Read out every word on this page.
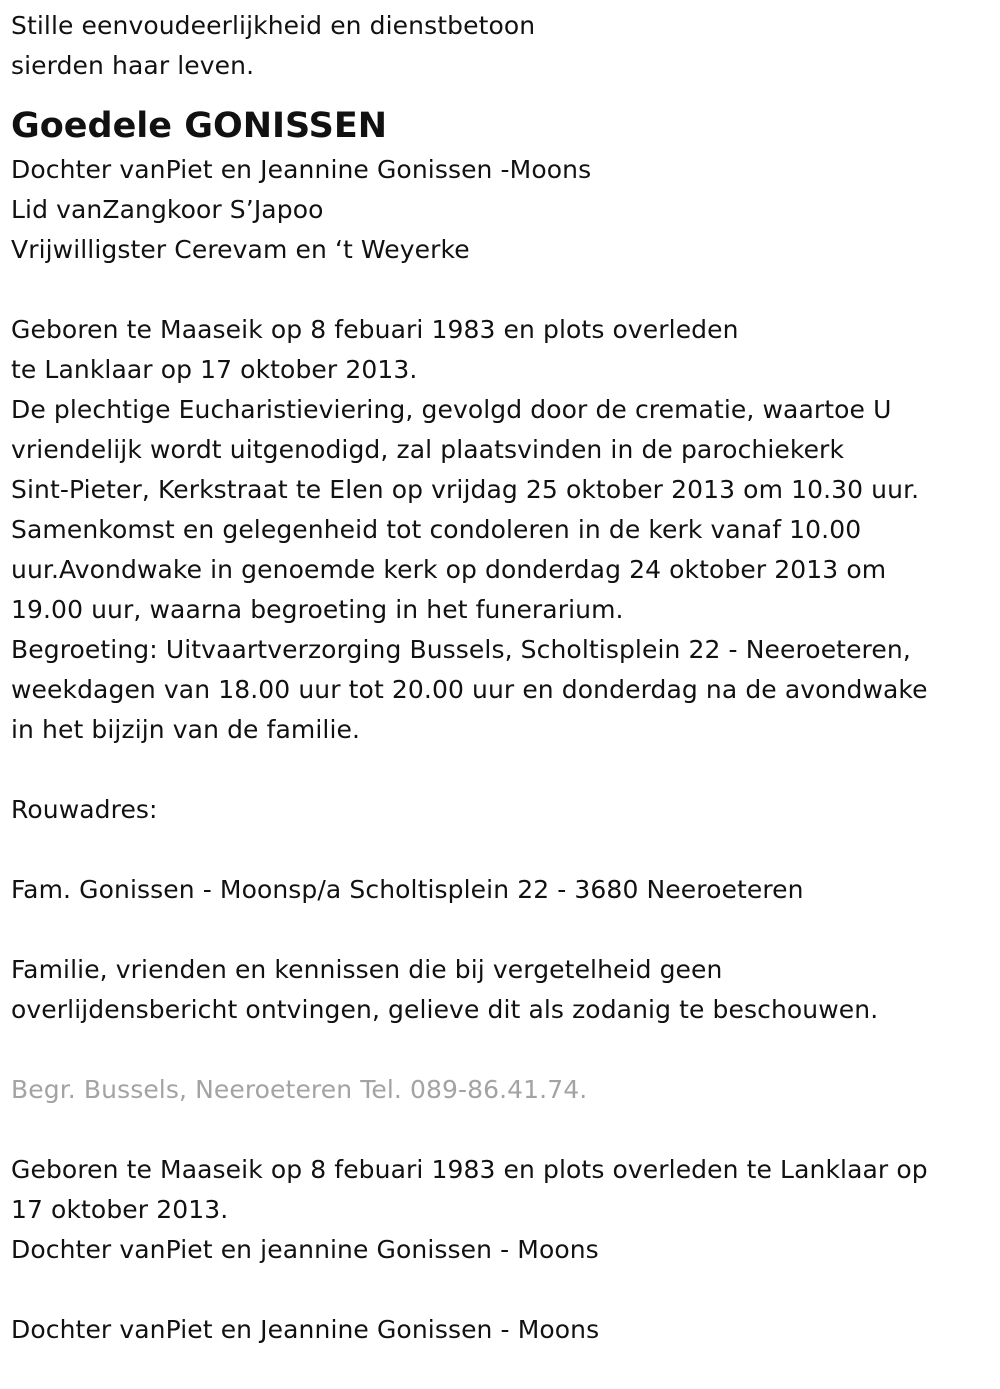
Stille eenvoudeerlijkheid en dienstbetoon
sierden haar leven.
Goedele GONISSEN
Dochter vanPiet en Jeannine Gonissen -Moons
Lid vanZangkoor S’Japoo
Vrijwilligster Cerevam en ‘t Weyerke
Geboren te Maaseik op 8 febuari 1983 en plots overleden
te Lanklaar op 17 oktober 2013.
De plechtige Eucharistieviering, gevolgd door de crematie, waartoe U
vriendelijk wordt uitgenodigd, zal plaatsvinden in de parochiekerk
Sint-Pieter, Kerkstraat te Elen op vrijdag 25 oktober 2013 om 10.30 uur.
Samenkomst en gelegenheid tot condoleren in de kerk vanaf 10.00
uur.Avondwake in genoemde kerk op donderdag 24 oktober 2013 om
19.00 uur, waarna begroeting in het funerarium.
Begroeting: Uitvaartverzorging Bussels, Scholtisplein 22 - Neeroeteren,
weekdagen van 18.00 uur tot 20.00 uur en donderdag na de avondwake
in het bijzijn van de familie.
Rouwadres:
Fam. Gonissen - Moonsp/a Scholtisplein 22 - 3680 Neeroeteren
Familie, vrienden en kennissen die bij vergetelheid geen
overlijdensbericht ontvingen, gelieve dit als zodanig te beschouwen.
Begr. Bussels, Neeroeteren Tel. 089-86.41.74.
Geboren te Maaseik op 8 febuari 1983 en plots overleden te Lanklaar op
17 oktober 2013.
Dochter vanPiet en jeannine Gonissen - Moons
Dochter vanPiet en Jeannine Gonissen - Moons
